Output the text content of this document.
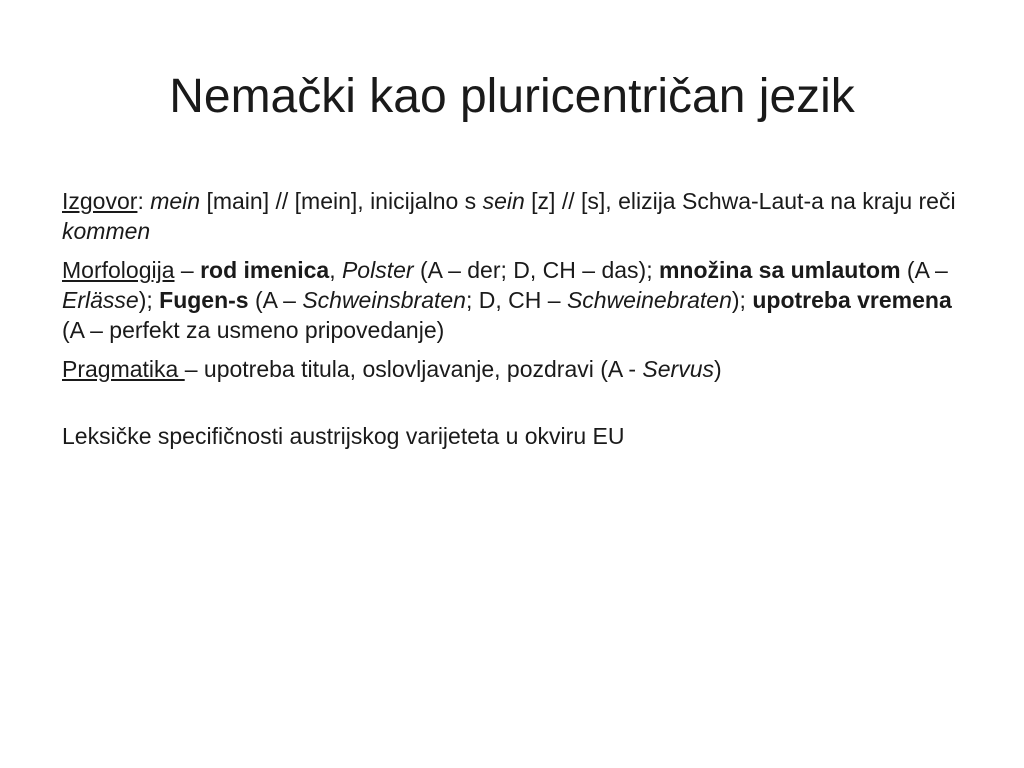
Nemački kao pluricentričan jezik

Izgovor: mein [main] // [mein], inicijalno s sein [z] // [s], elizija Schwa-Laut-a na kraju reči kommen

Morfologija – rod imenica, Polster (A – der; D, CH – das); množina sa umlautom (A – Erlässe); Fugen-s (A – Schweinsbraten; D, CH – Schweinebraten); upotreba vremena (A – perfekt za usmeno pripovedanje)

Pragmatika – upotreba titula, oslovljavanje, pozdravi (A - Servus)

Leksičke specifičnosti austrijskog varijeteta u okviru EU
